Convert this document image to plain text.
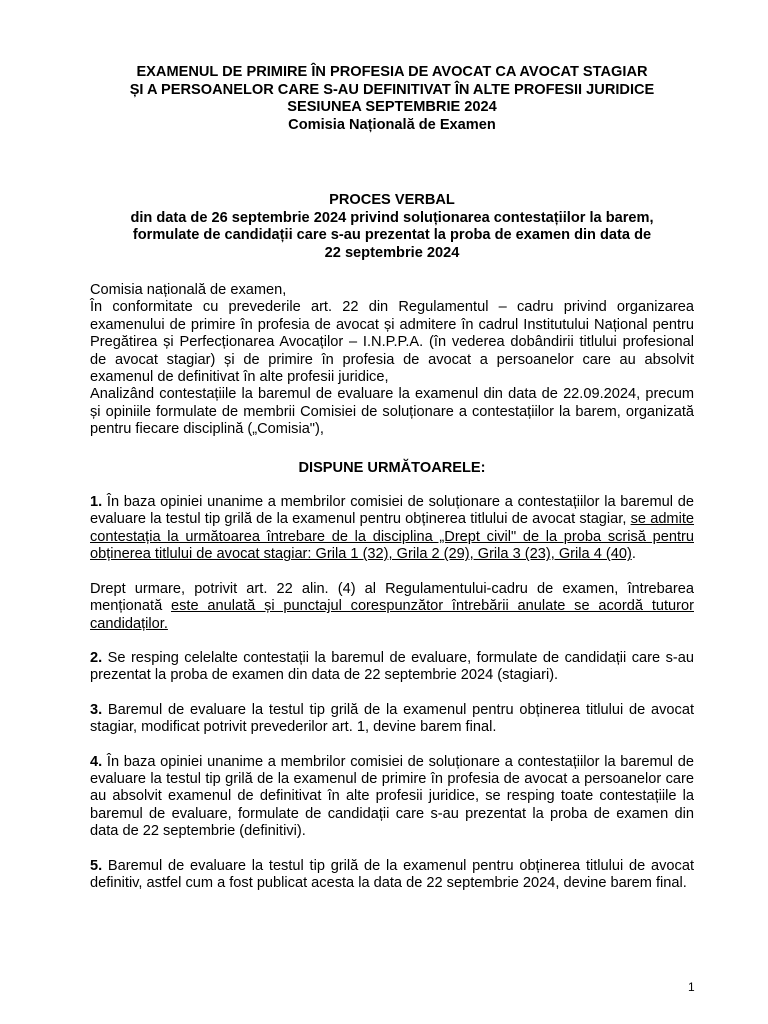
EXAMENUL DE PRIMIRE ÎN PROFESIA DE AVOCAT CA AVOCAT STAGIAR
ȘI A PERSOANELOR CARE S-AU DEFINITIVAT ÎN ALTE PROFESII JURIDICE
SESIUNEA SEPTEMBRIE 2024
Comisia Națională de Examen
PROCES VERBAL
din data de 26 septembrie 2024 privind soluționarea contestațiilor la barem,
formulate de candidații care s-au prezentat la proba de examen din data de
22 septembrie 2024

Comisia națională de examen,

În conformitate cu prevederile art. 22 din Regulamentul – cadru privind organizarea examenului de primire în profesia de avocat și admitere în cadrul Institutului Național pentru Pregătirea și Perfecționarea Avocaților – I.N.P.P.A. (în vederea dobândirii titlului profesional de avocat stagiar) și de primire în profesia de avocat a persoanelor care au absolvit examenul de definitivat în alte profesii juridice,

Analizând contestațiile la baremul de evaluare la examenul din data de 22.09.2024, precum și opiniile formulate de membrii Comisiei de soluționare a contestațiilor la barem, organizată pentru fiecare disciplină („Comisia"),

DISPUNE URMĂTOARELE:
1. În baza opiniei unanime a membrilor comisiei de soluționare a contestațiilor la baremul de evaluare la testul tip grilă de la examenul pentru obținerea titlului de avocat stagiar, se admite contestația la următoarea întrebare de la disciplina „Drept civil" de la proba scrisă pentru obținerea titlului de avocat stagiar: Grila 1 (32), Grila 2 (29), Grila 3 (23), Grila 4 (40).
Drept urmare, potrivit art. 22 alin. (4) al Regulamentului-cadru de examen, întrebarea menționată este anulată și punctajul corespunzător întrebării anulate se acordă tuturor candidaților.
2. Se resping celelalte contestații la baremul de evaluare, formulate de candidații care s-au prezentat la proba de examen din data de 22 septembrie 2024 (stagiari).
3. Baremul de evaluare la testul tip grilă de la examenul pentru obținerea titlului de avocat stagiar, modificat potrivit prevederilor art. 1, devine barem final.
4. În baza opiniei unanime a membrilor comisiei de soluționare a contestațiilor la baremul de evaluare la testul tip grilă de la examenul de primire în profesia de avocat a persoanelor care au absolvit examenul de definitivat în alte profesii juridice, se resping toate contestațiile la baremul de evaluare, formulate de candidații care s-au prezentat la proba de examen din data de 22 septembrie (definitivi).
5. Baremul de evaluare la testul tip grilă de la examenul pentru obținerea titlului de avocat definitiv, astfel cum a fost publicat acesta la data de 22 septembrie 2024, devine barem final.
1
